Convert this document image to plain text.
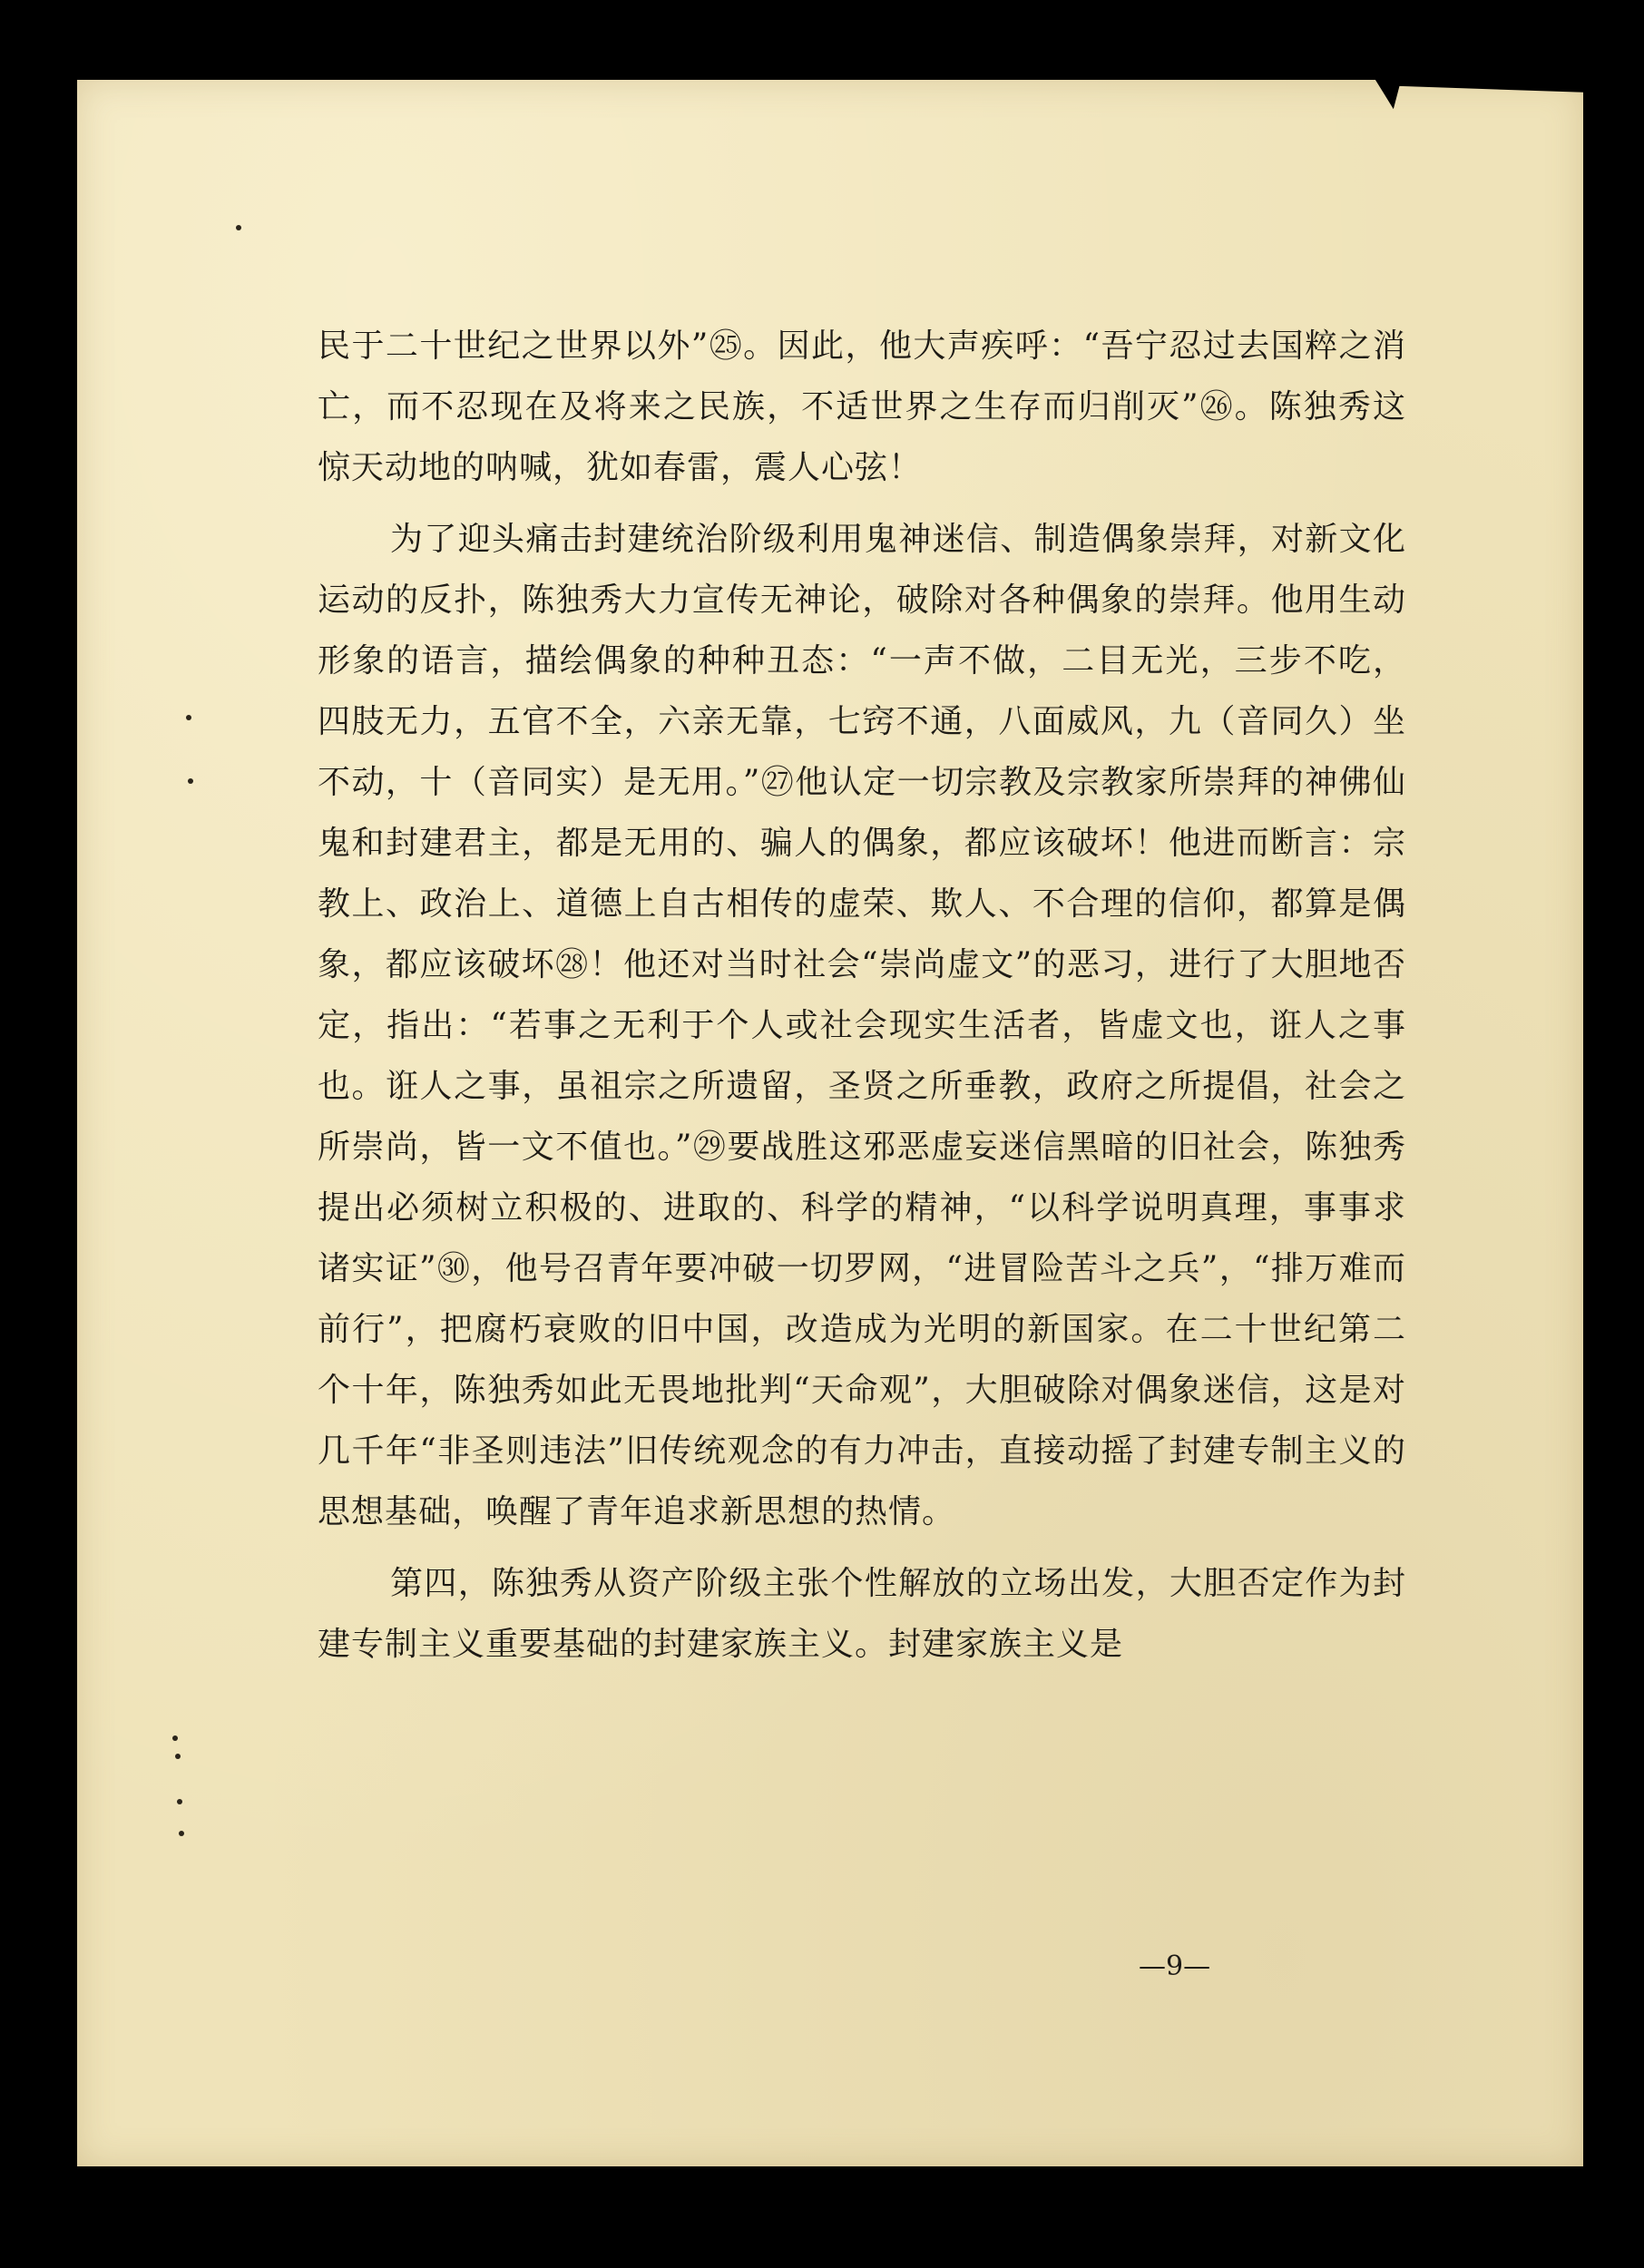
民于二十世纪之世界以外”㉕。因此，他大声疾呼：“吾宁忍过去国粹之消亡，而不忍现在及将来之民族，不适世界之生存而归削灭”㉖。陈独秀这惊天动地的呐喊，犹如春雷，震人心弦！

为了迎头痛击封建统治阶级利用鬼神迷信、制造偶象崇拜，对新文化运动的反扑，陈独秀大力宣传无神论，破除对各种偶象的崇拜。他用生动形象的语言，描绘偶象的种种丑态：“一声不做，二目无光，三步不吃，四肢无力，五官不全，六亲无靠，七窍不通，八面威风，九（音同久）坐不动，十（音同实）是无用。”㉗他认定一切宗教及宗教家所崇拜的神佛仙鬼和封建君主，都是无用的、骗人的偶象，都应该破坏！他进而断言：宗教上、政治上、道德上自古相传的虚荣、欺人、不合理的信仰，都算是偶象，都应该破坏㉘！他还对当时社会“崇尚虚文”的恶习，进行了大胆地否定，指出：“若事之无利于个人或社会现实生活者，皆虚文也，诳人之事也。诳人之事，虽祖宗之所遗留，圣贤之所垂教，政府之所提倡，社会之所崇尚，皆一文不值也。”㉙要战胜这邪恶虚妄迷信黑暗的旧社会，陈独秀提出必须树立积极的、进取的、科学的精神，“以科学说明真理，事事求诸实证”㉚，他号召青年要冲破一切罗网，“进冒险苦斗之兵”，“排万难而前行”，把腐朽衰败的旧中国，改造成为光明的新国家。在二十世纪第二个十年，陈独秀如此无畏地批判“天命观”，大胆破除对偶象迷信，这是对几千年“非圣则违法”旧传统观念的有力冲击，直接动摇了封建专制主义的思想基础，唤醒了青年追求新思想的热情。

第四，陈独秀从资产阶级主张个性解放的立场出发，大胆否定作为封建专制主义重要基础的封建家族主义。封建家族主义是

—9—
